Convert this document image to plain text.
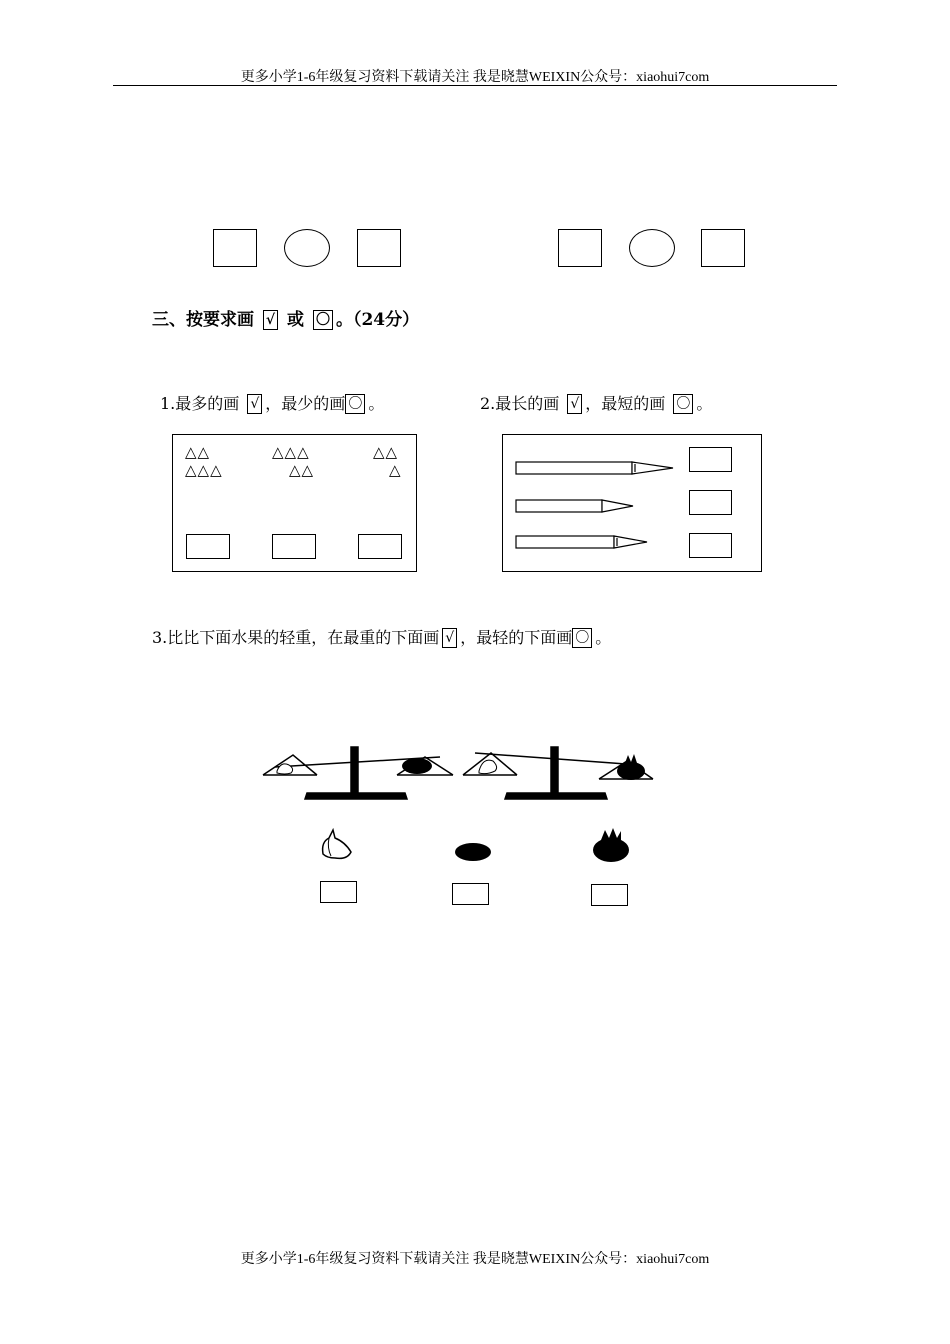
更多小学1-6年级复习资料下载请关注 我是晓慧WEIXIN公众号：xiaohui7com
三、按要求画 √ 或 〇 。（24分）
1.最多的画 √ ，最少的画 〇 。
△△	△△△	△△
△△△	△△	△
2.最长的画 √ ，最短的画 〇 。
3.比比下面水果的轻重，在最重的下面画 √ ，最轻的下面画 〇 。
更多小学1-6年级复习资料下载请关注 我是晓慧WEIXIN公众号：xiaohui7com
